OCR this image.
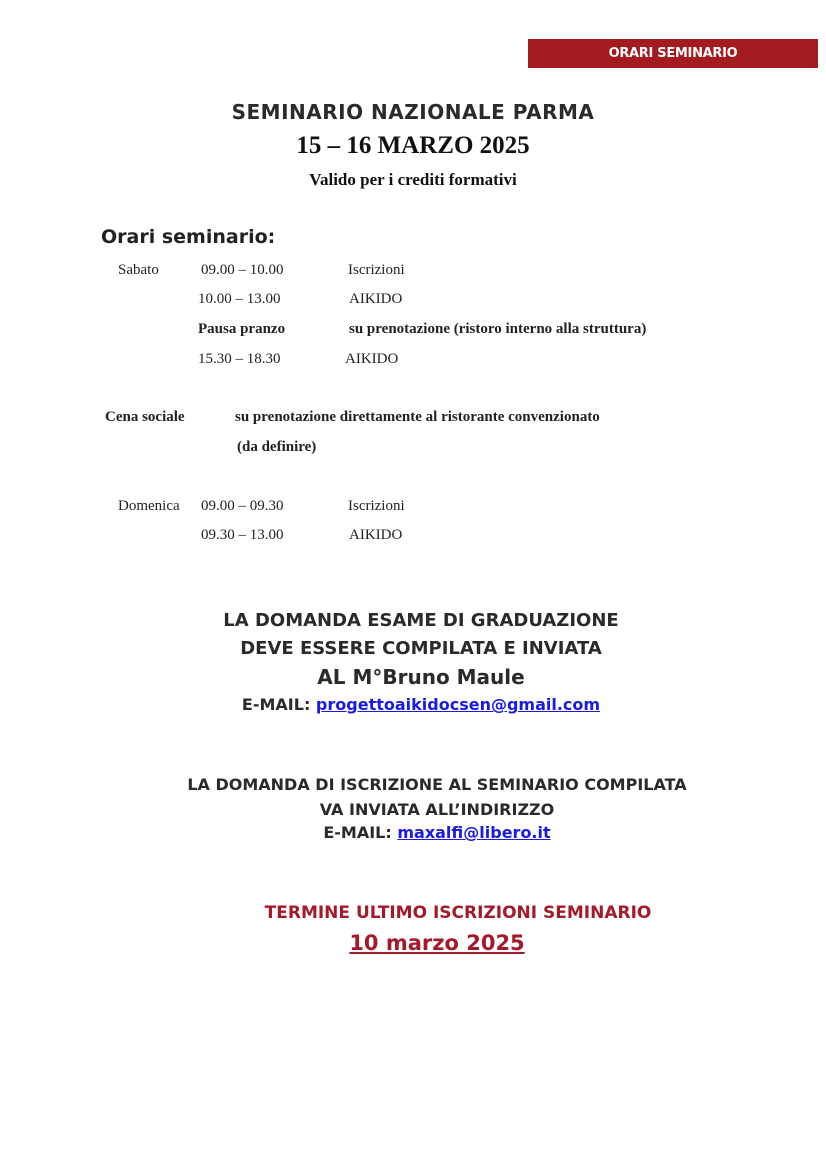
ORARI SEMINARIO
SEMINARIO NAZIONALE PARMA
15 – 16 MARZO 2025
Valido per i crediti formativi
Orari seminario:
Sabato	09.00 – 10.00	Iscrizioni
10.00 – 13.00	AIKIDO
Pausa pranzo	su prenotazione (ristoro interno alla struttura)
15.30 – 18.30	AIKIDO
Cena sociale	su prenotazione direttamente al ristorante convenzionato
(da definire)
Domenica 09.00 – 09.30	Iscrizioni
09.30 – 13.00	AIKIDO
LA DOMANDA ESAME DI GRADUAZIONE
DEVE ESSERE COMPILATA E INVIATA
AL M°Bruno Maule
E-MAIL: progettoaikidocsen@gmail.com
LA DOMANDA DI ISCRIZIONE AL SEMINARIO COMPILATA
VA INVIATA ALL’INDIRIZZO
E-MAIL: maxalfi@libero.it
TERMINE ULTIMO ISCRIZIONI SEMINARIO
10 marzo 2025
